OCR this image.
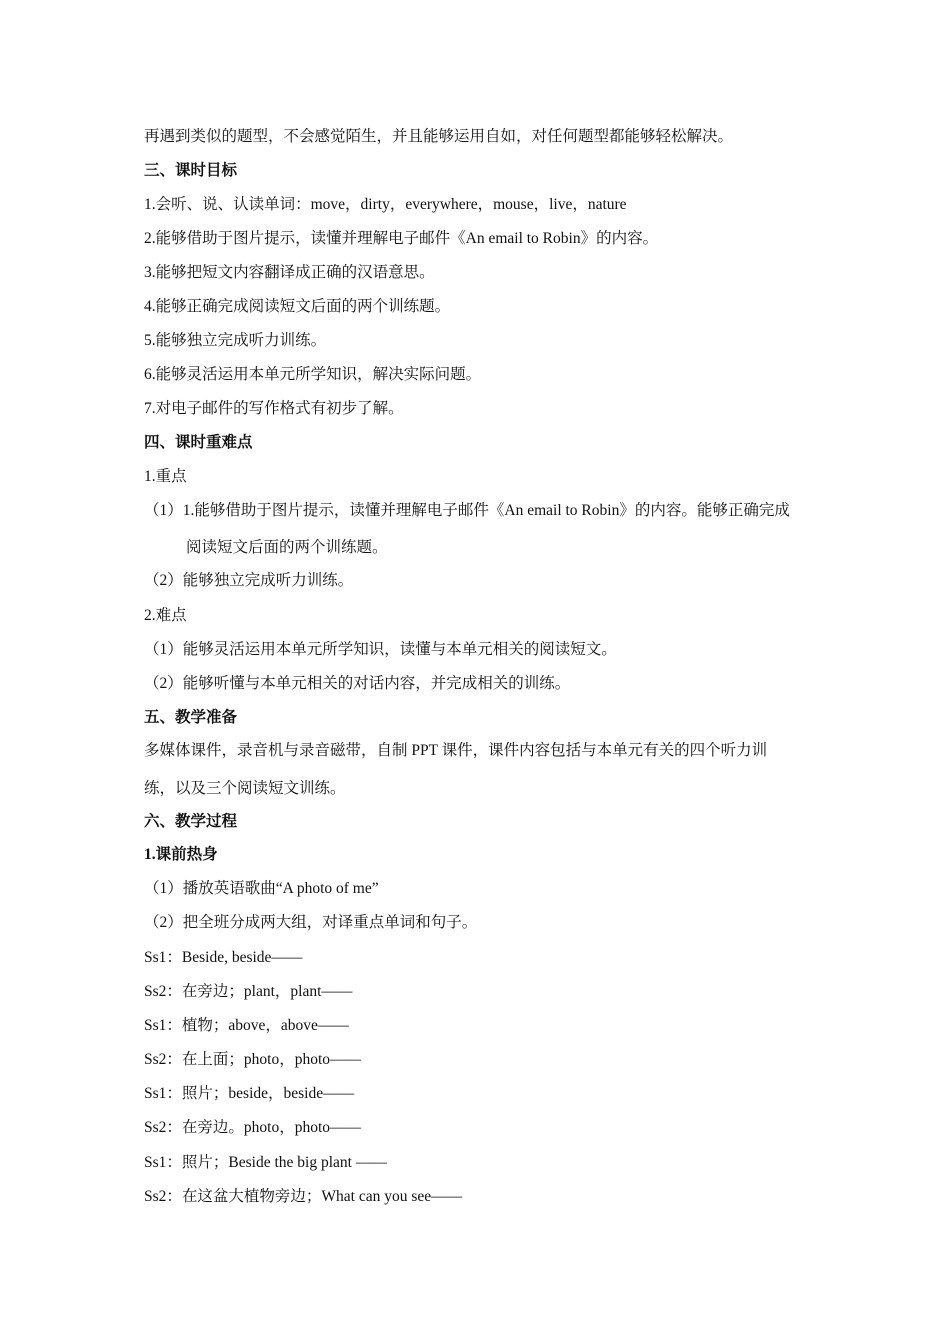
再遇到类似的题型，不会感觉陌生，并且能够运用自如，对任何题型都能够轻松解决。
三、课时目标
1.会听、说、认读单词：move，dirty，everywhere，mouse，live，nature
2.能够借助于图片提示，读懂并理解电子邮件《An email to Robin》的内容。
3.能够把短文内容翻译成正确的汉语意思。
4.能够正确完成阅读短文后面的两个训练题。
5.能够独立完成听力训练。
6.能够灵活运用本单元所学知识，解决实际问题。
7.对电子邮件的写作格式有初步了解。
四、课时重难点
1.重点
（1）1.能够借助于图片提示，读懂并理解电子邮件《An email to Robin》的内容。能够正确完成
阅读短文后面的两个训练题。
（2）能够独立完成听力训练。
2.难点
（1）能够灵活运用本单元所学知识，读懂与本单元相关的阅读短文。
（2）能够听懂与本单元相关的对话内容，并完成相关的训练。
五、教学准备
多媒体课件，录音机与录音磁带，自制 PPT 课件，课件内容包括与本单元有关的四个听力训
练，以及三个阅读短文训练。
六、教学过程
1.课前热身
（1）播放英语歌曲“A photo of me”
（2）把全班分成两大组，对译重点单词和句子。
Ss1：Beside, beside——
Ss2：在旁边；plant，plant——
Ss1：植物；above，above——
Ss2：在上面；photo，photo——
Ss1：照片；beside，beside——
Ss2：在旁边。photo，photo——
Ss1：照片；Beside the big plant ——
Ss2：在这盆大植物旁边；What can you see——
